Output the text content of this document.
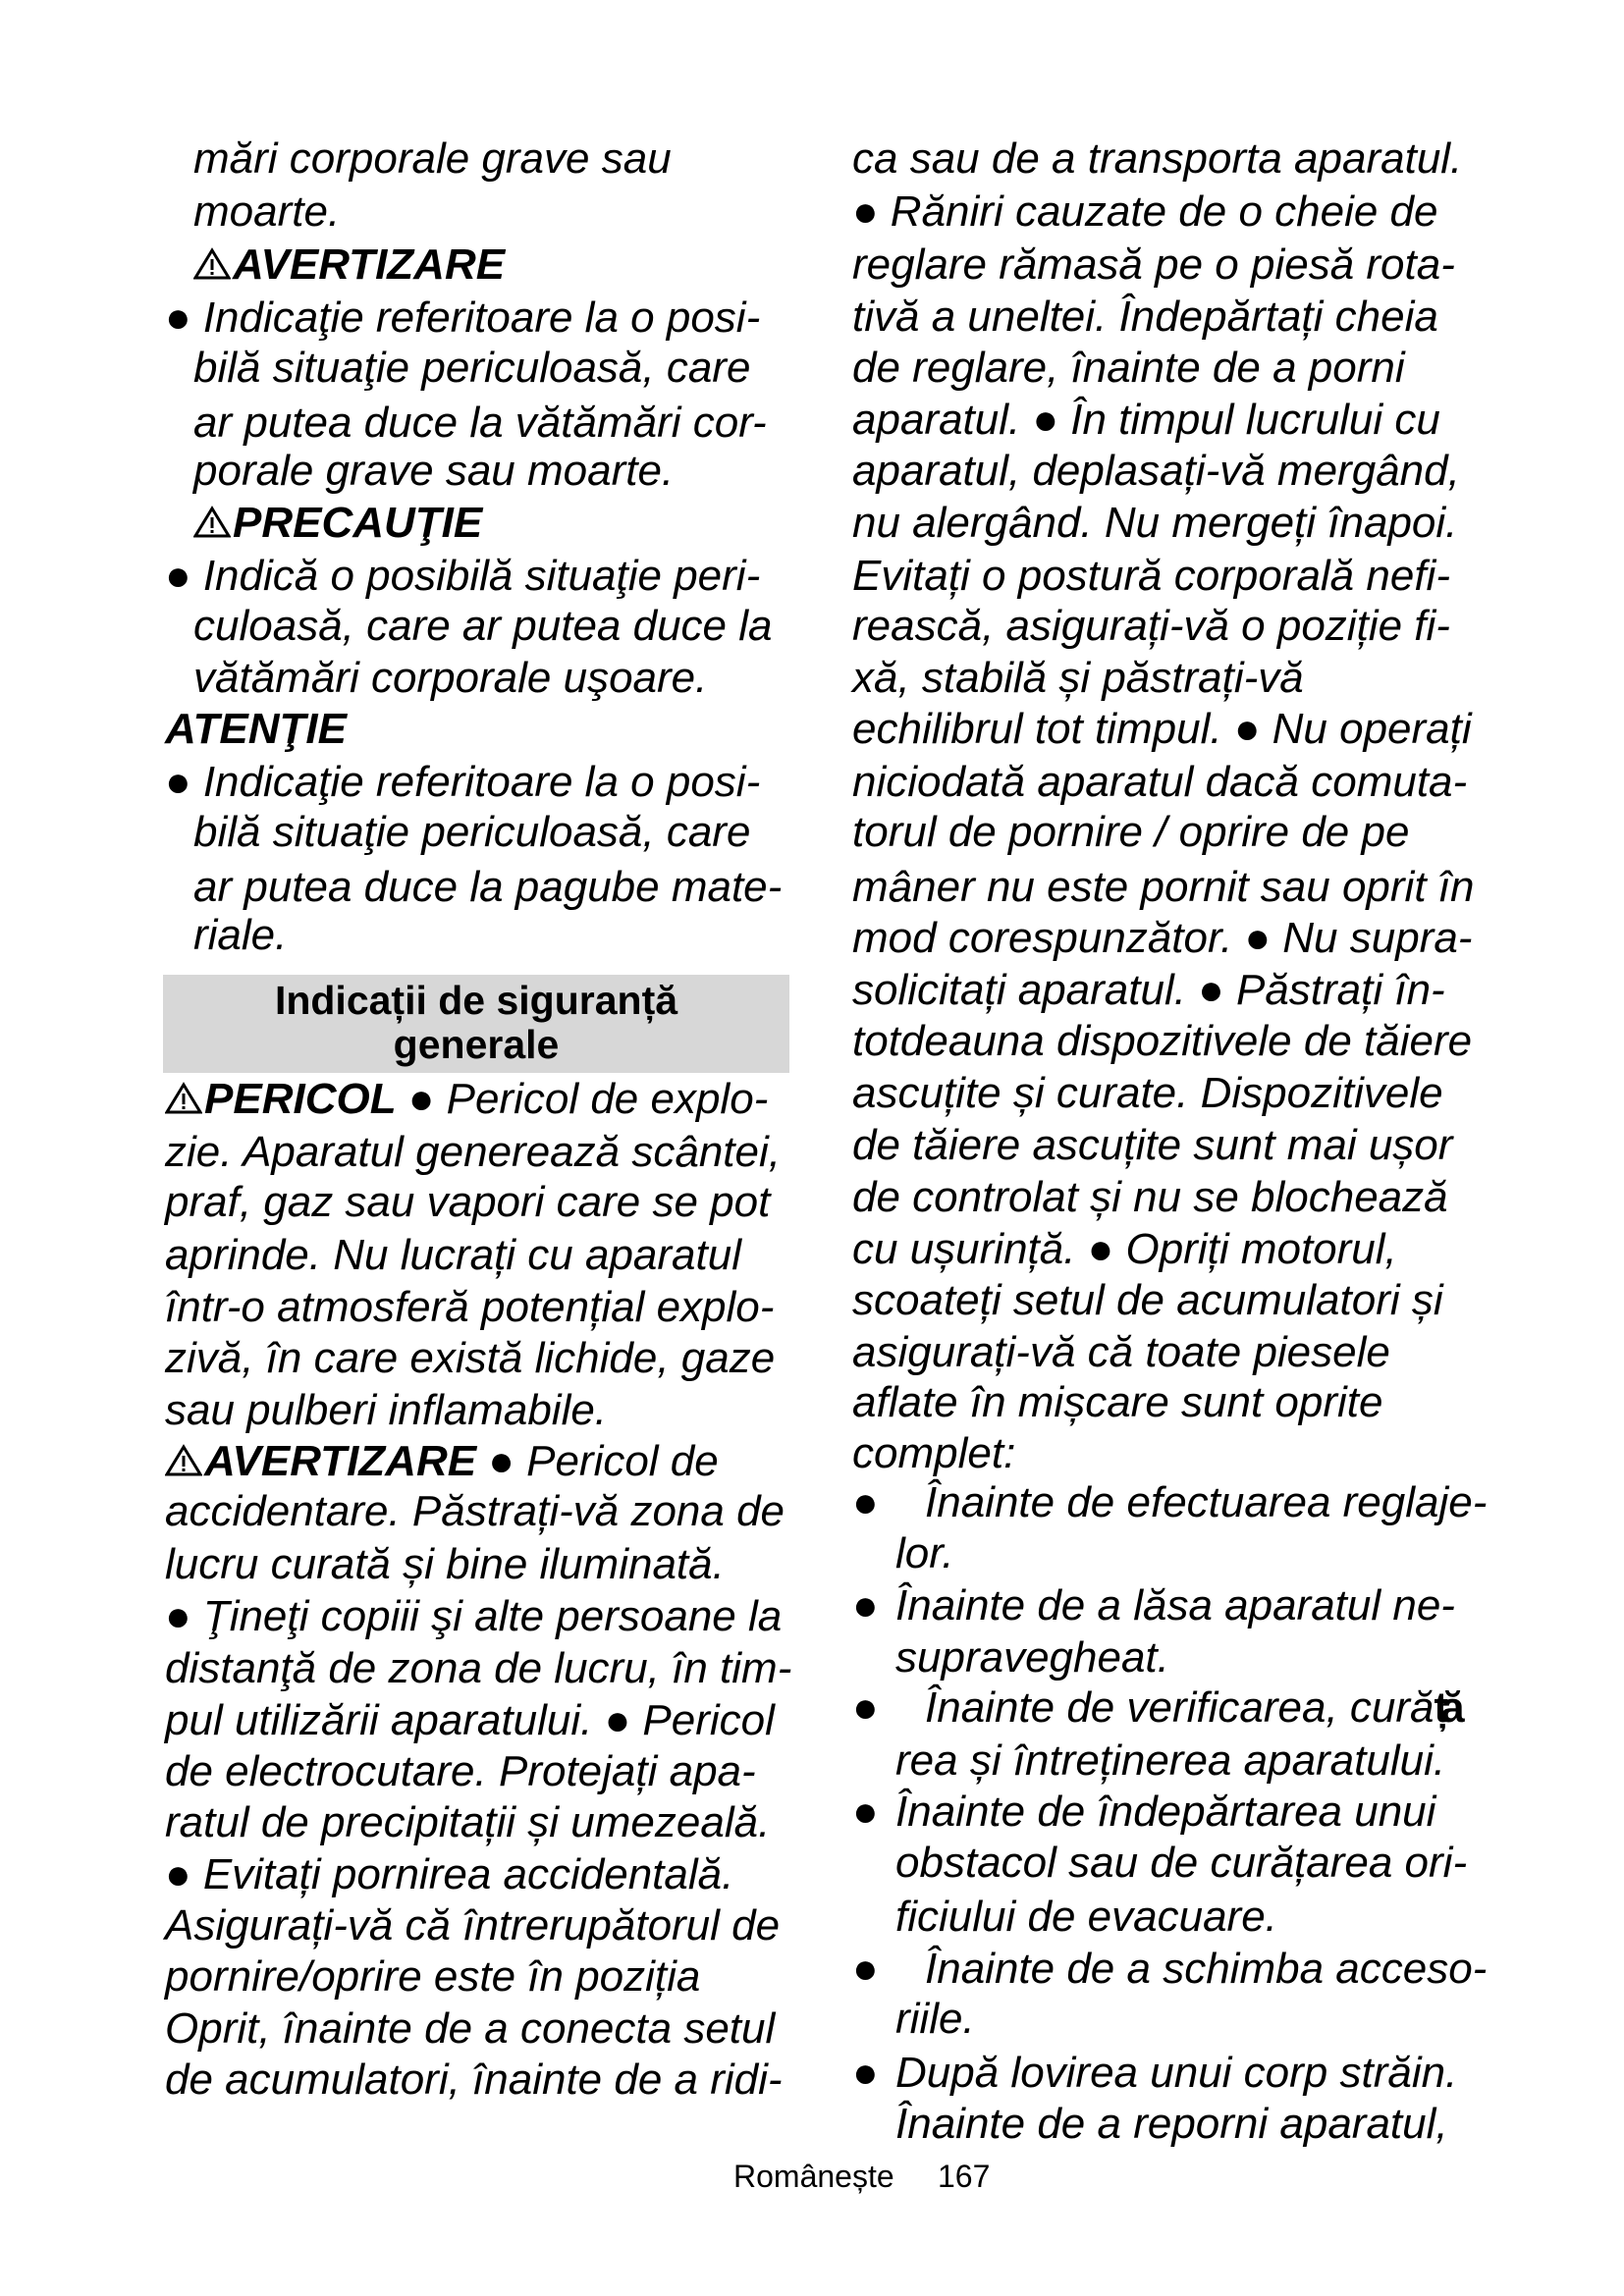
mări corporale grave sau
moarte.
AVERTIZARE
● Indicaţie referitoare la o posi-
bilă situaţie periculoasă, care
ar putea duce la vătămări cor-
porale grave sau moarte.
PRECAUŢIE
● Indică o posibilă situaţie peri-
culoasă, care ar putea duce la
vătămări corporale uşoare.
ATENŢIE
● Indicaţie referitoare la o posi-
bilă situaţie periculoasă, care
ar putea duce la pagube mate-
riale.
Indicații de siguranță
generale
PERICOL ● Pericol de explo-
zie. Aparatul generează scântei,
praf, gaz sau vapori care se pot
aprinde. Nu lucrați cu aparatul
într-o atmosferă potențial explo-
zivă, în care există lichide, gaze
sau pulberi inflamabile.
AVERTIZARE ● Pericol de
accidentare. Păstrați-vă zona de
lucru curată și bine iluminată.
● Ţineţi copiii şi alte persoane la
distanţă de zona de lucru, în tim-
pul utilizării aparatului. ● Pericol
de electrocutare. Protejați apa-
ratul de precipitații și umezeală.
● Evitați pornirea accidentală.
Asigurați-vă că întrerupătorul de
pornire/oprire este în poziția
Oprit, înainte de a conecta setul
de acumulatori, înainte de a ridi-
ca sau de a transporta aparatul.
● Răniri cauzate de o cheie de
reglare rămasă pe o piesă rota-
tivă a uneltei. Îndepărtați cheia
de reglare, înainte de a porni
aparatul. ● În timpul lucrului cu
aparatul, deplasați-vă mergând,
nu alergând. Nu mergeți înapoi.
Evitați o postură corporală nefi-
rească, asigurați-vă o poziție fi-
xă, stabilă și păstrați-vă
echilibrul tot timpul. ● Nu operați
niciodată aparatul dacă comuta-
torul de pornire / oprire de pe
mâner nu este pornit sau oprit în
mod corespunzător. ● Nu supra-
solicitați aparatul. ● Păstrați în-
totdeauna dispozitivele de tăiere
ascuțite și curate. Dispozitivele
de tăiere ascuțite sunt mai ușor
de controlat și nu se blochează
cu ușurință. ● Opriți motorul,
scoateți setul de acumulatori și
asigurați-vă că toate piesele
aflate în mișcare sunt oprite
complet:
● Înainte de efectuarea reglaje-
lor.
● Înainte de a lăsa aparatul ne-
supravegheat.
● Înainte de verificarea, curăță
rea și întreținerea aparatului.
● Înainte de îndepărtarea unui
obstacol sau de curățarea ori-
ficiului de evacuare.
● Înainte de a schimba acceso-
riile.
● După lovirea unui corp străin.
Înainte de a reporni aparatul,
Românește 167
